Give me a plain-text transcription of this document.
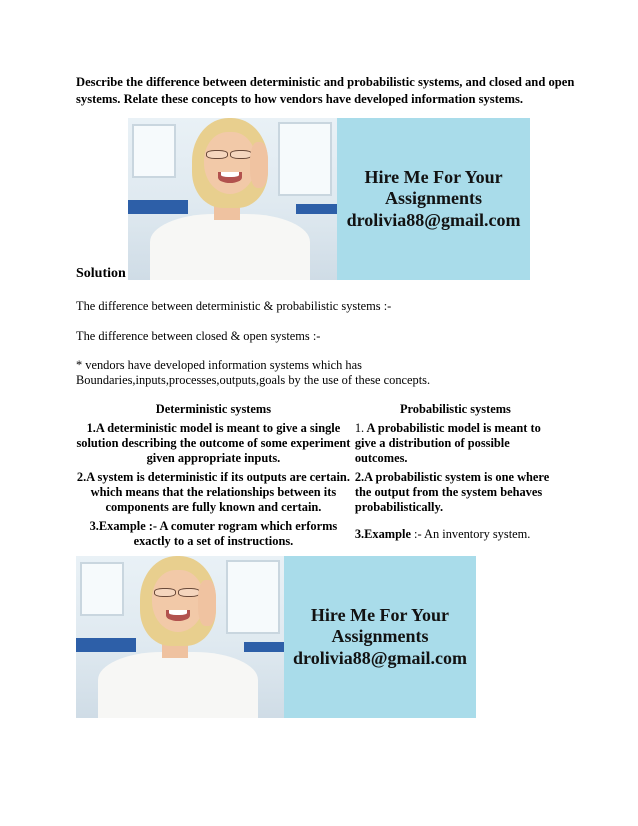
Describe the difference between deterministic and probabilistic systems, and closed and open systems. Relate these concepts to how vendors have developed information systems.
Hire Me For Your
Assignments
drolivia88@gmail.com
Solution
The difference between deterministic & probabilistic systems :-
The difference between closed & open systems :-
* vendors have developed information systems which has Boundaries,inputs,processes,outputs,goals by the use of these concepts.
Deterministic systems	Probabilistic systems
1.A deterministic model is meant to give a single solution describing the outcome of some experiment given appropriate inputs.	1. A probabilistic model is meant to give a distribution of possible outcomes.
2.A system is deterministic if its outputs are certain. which means that the relationships between its components are fully known and certain.	2.A probabilistic system is one where the output from the system behaves probabilistically.
3.Example :- A comuter rogram which erforms exactly to a set of instructions.	3.Example :- An inventory system.
Hire Me For Your
Assignments
drolivia88@gmail.com
